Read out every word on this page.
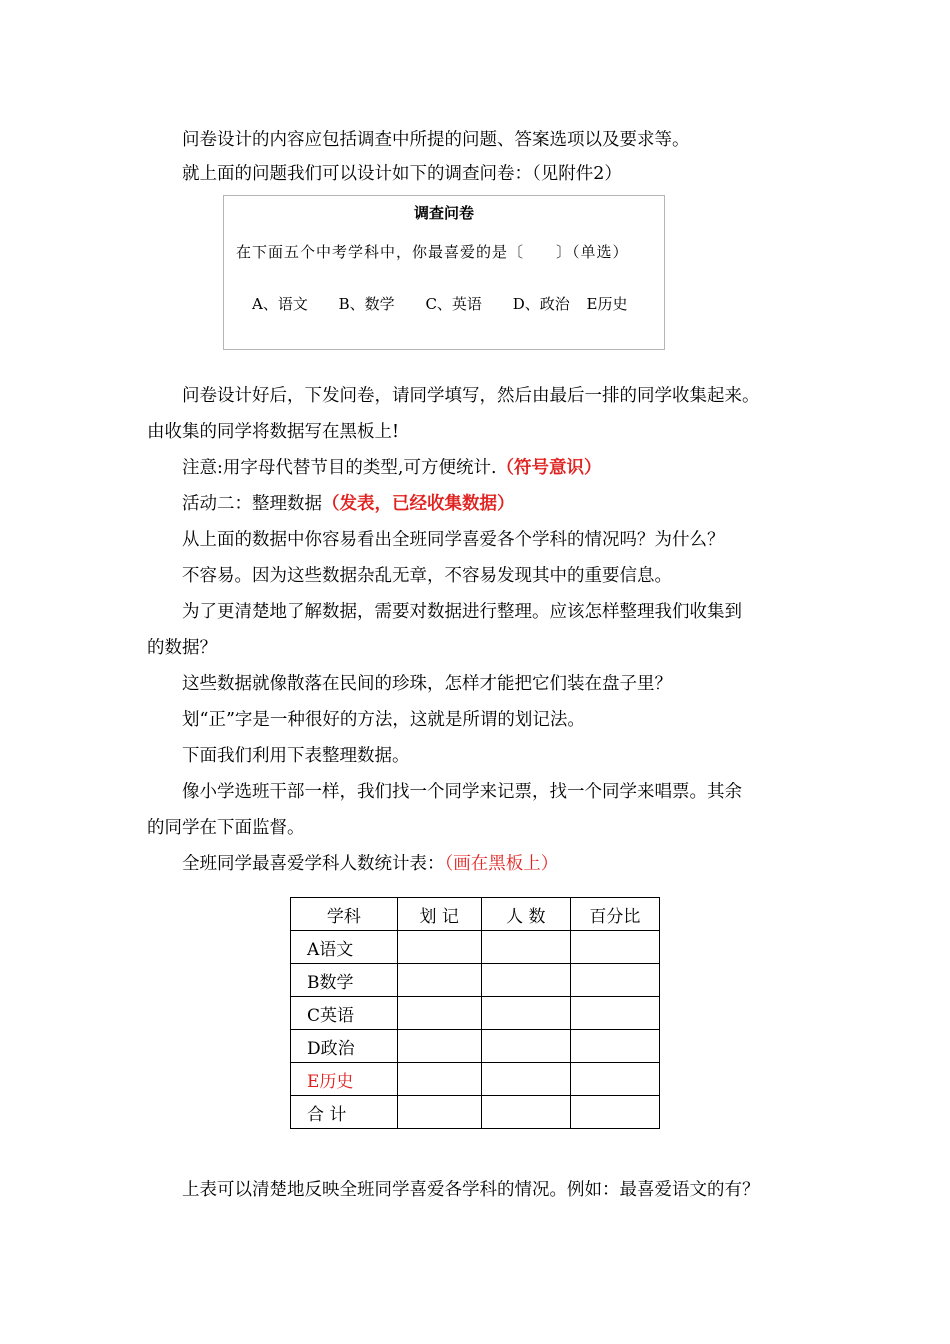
问卷设计的内容应包括调查中所提的问题、答案选项以及要求等。
就上面的问题我们可以设计如下的调查问卷：（见附件2）
调查问卷
在下面五个中考学科中，你最喜爱的是〔　　〕（单选）
A、语文 B、数学 C、英语 D、政治 E历史
问卷设计好后，下发问卷，请同学填写，然后由最后一排的同学收集起来。
由收集的同学将数据写在黑板上!
注意:用字母代替节目的类型,可方便统计.（符号意识）
活动二：整理数据（发表，已经收集数据）
从上面的数据中你容易看出全班同学喜爱各个学科的情况吗？为什么？
不容易。因为这些数据杂乱无章，不容易发现其中的重要信息。
为了更清楚地了解数据，需要对数据进行整理。应该怎样整理我们收集到
的数据？
这些数据就像散落在民间的珍珠，怎样才能把它们装在盘子里？
划“正”字是一种很好的方法，这就是所谓的划记法。
下面我们利用下表整理数据。
像小学选班干部一样，我们找一个同学来记票，找一个同学来唱票。其余
的同学在下面监督。
全班同学最喜爱学科人数统计表：（画在黑板上）
学科	划 记	人 数	百分比
A语文			
B数学			
C英语			
D政治			
E历史			
合 计			
上表可以清楚地反映全班同学喜爱各学科的情况。例如：最喜爱语文的有？
